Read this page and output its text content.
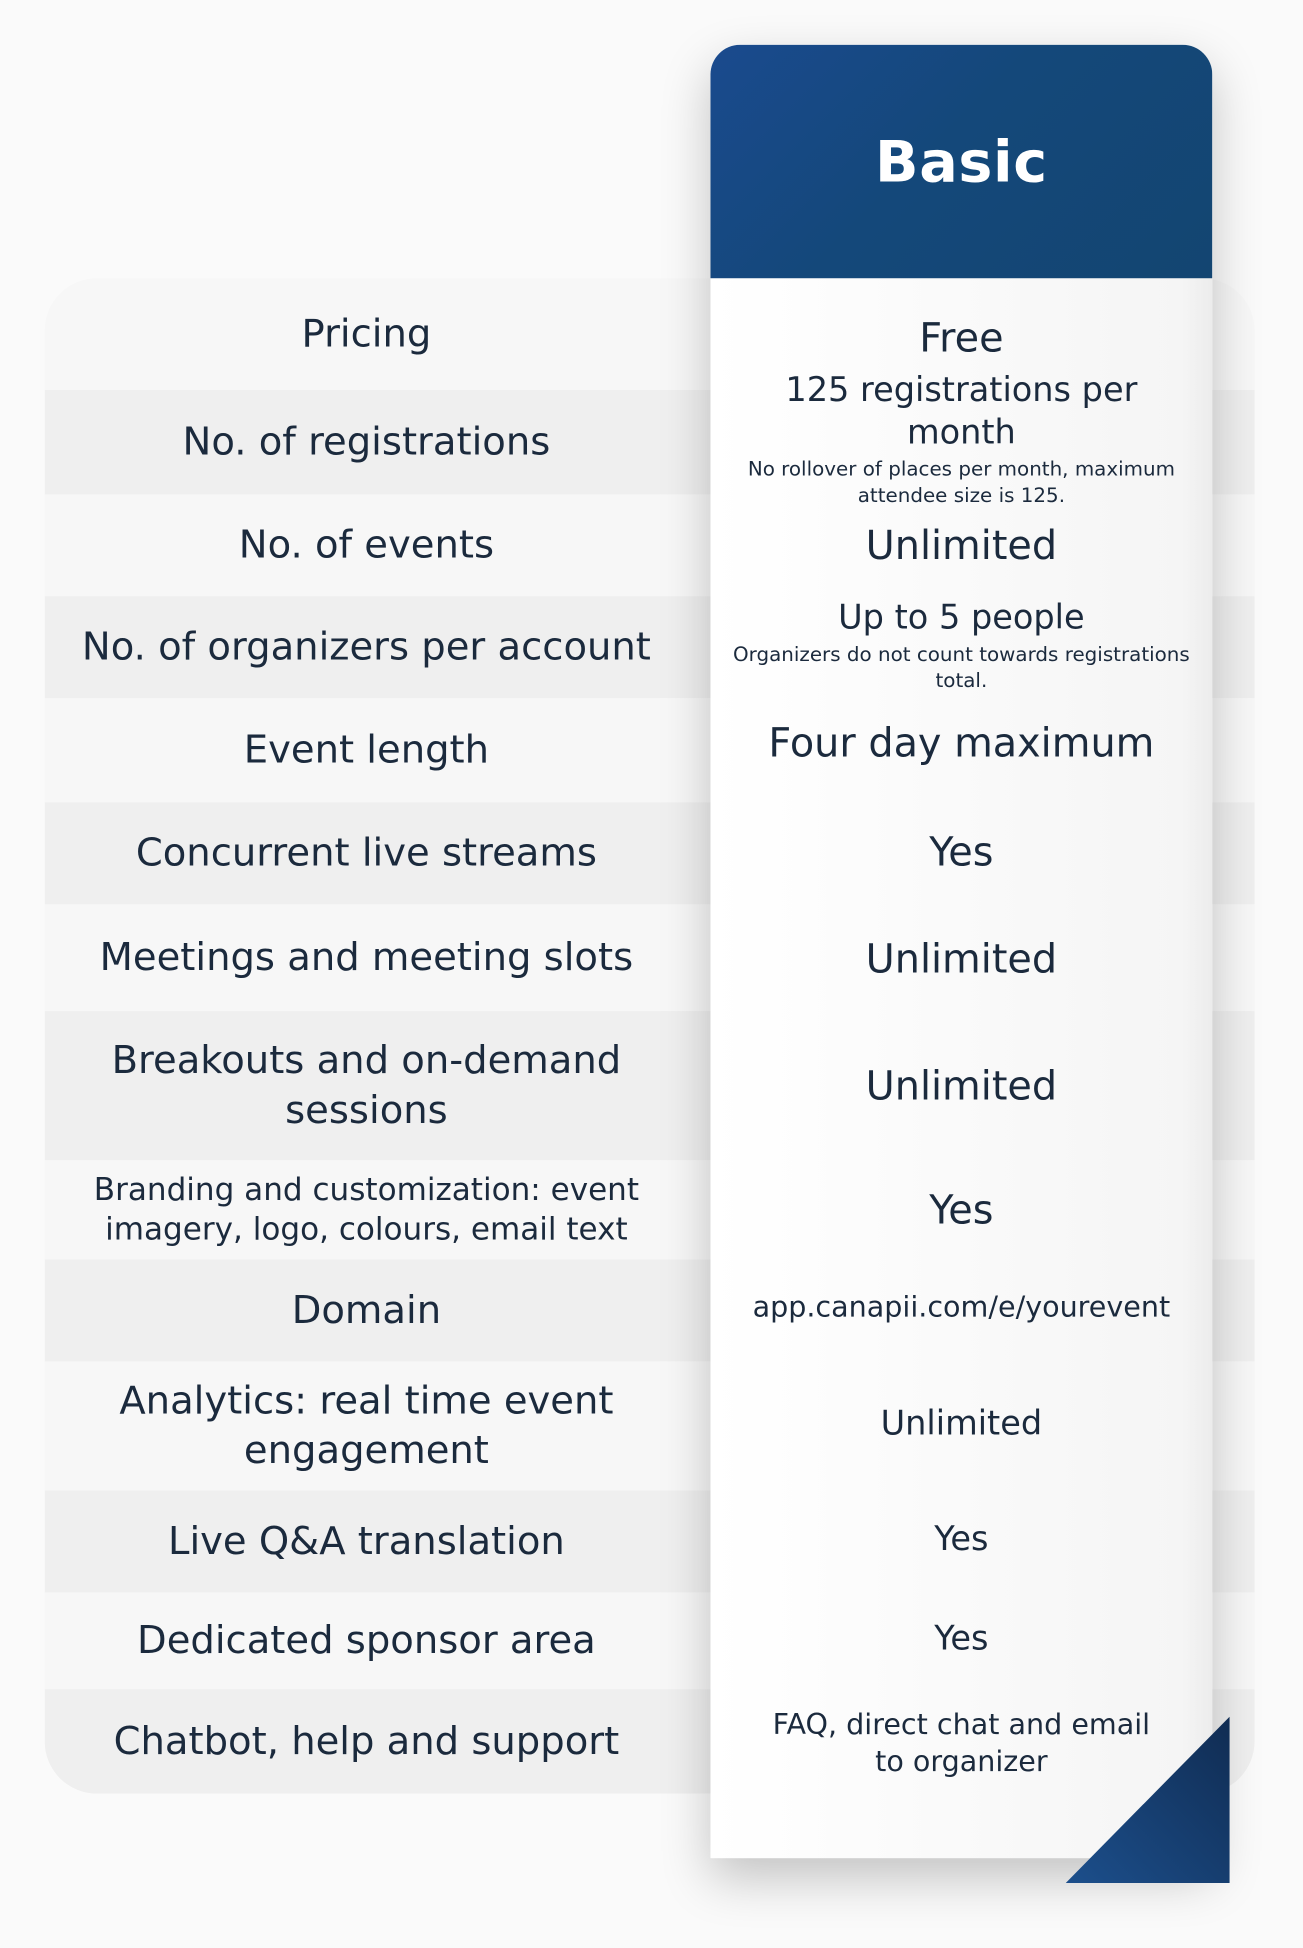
Pricing
No. of registrations
No. of events
No. of organizers per account
Event length
Concurrent live streams
Meetings and meeting slots
Breakouts and on-demand sessions
Branding and customization: event imagery, logo, colours, email text
Domain
Analytics: real time event engagement
Live Q&A translation
Dedicated sponsor area
Chatbot, help and support
Basic
Free
125 registrations per month
No rollover of places per month, maximum attendee size is 125.
Unlimited
Up to 5 people
Organizers do not count towards registrations total.
Four day maximum
Yes
Unlimited
Unlimited
Yes
app.canapii.com/e/yourevent
Unlimited
Yes
Yes
FAQ, direct chat and email to organizer
